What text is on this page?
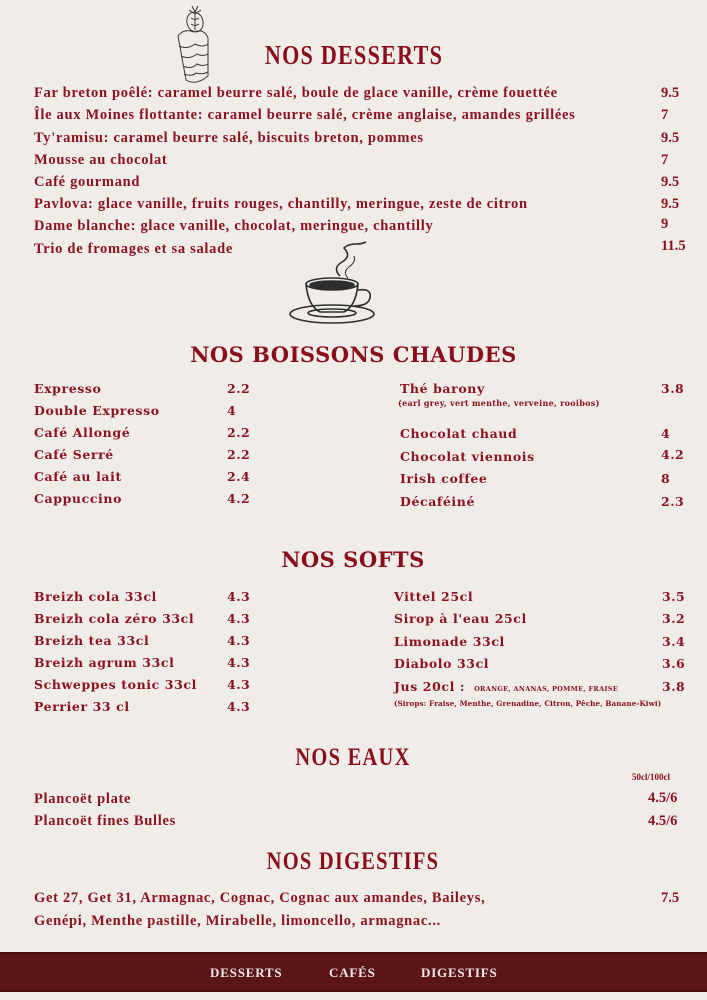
NOS DESSERTS
Far breton poêlé: caramel beurre salé, boule de glace vanille, crème fouettée	9.5
Île aux Moines flottante: caramel beurre salé, crème anglaise, amandes grillées	7
Ty'ramisu: caramel beurre salé, biscuits breton, pommes	9.5
Mousse au chocolat	7
Café gourmand	9.5
Pavlova: glace vanille, fruits rouges, chantilly, meringue, zeste de citron	9.5
Dame blanche: glace vanille, chocolat, meringue, chantilly	9
Trio de fromages et sa salade	11.5
NOS BOISSONS CHAUDES
Expresso	2.2
Double Expresso	4
Café Allongé	2.2
Café Serré	2.2
Café au lait	2.4
Cappuccino	4.2
Thé barony	3.8
(earl grey, vert menthe, verveine, rooibos)
Chocolat chaud	4
Chocolat viennois	4.2
Irish coffee	8
Décaféiné	2.3
NOS SOFTS
Breizh cola 33cl	4.3
Breizh cola zéro 33cl	4.3
Breizh tea 33cl	4.3
Breizh agrum 33cl	4.3
Schweppes tonic 33cl 4.3
Perrier 33 cl	4.3
Vittel 25cl	3.5
Sirop à l'eau 25cl	3.2
Limonade 33cl	3.4
Diabolo 33cl	3.6
Jus 20cl : ORANGE, ANANAS, POMME, FRAISE	3.8
(Sirops: Fraise, Menthe, Grenadine, Citron, Pêche, Banane-Kiwi)
NOS EAUX
50cl/100cl
Plancoët plate	4.5/6
Plancoët fines Bulles	4.5/6
NOS DIGESTIFS
Get 27, Get 31, Armagnac, Cognac, Cognac aux amandes, Baileys,
Genépi, Menthe pastille, Mirabelle, limoncello, armagnac...
7.5
DESSERTS	CAFÉS	DIGESTIFS
